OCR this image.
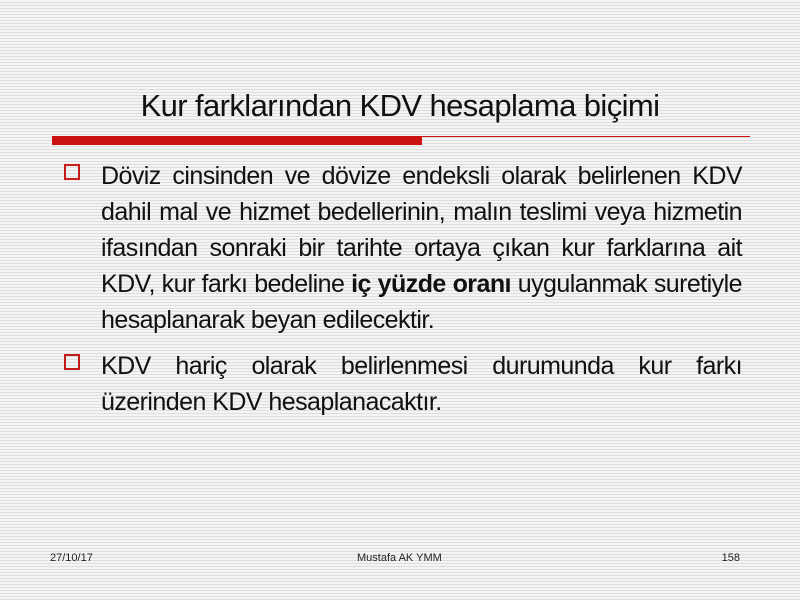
Kur farklarından KDV hesaplama biçimi
Döviz cinsinden ve dövize endeksli olarak belirlenen KDV dahil mal ve hizmet bedellerinin, malın teslimi veya hizmetin ifasından sonraki bir tarihte ortaya çıkan kur farklarına ait KDV, kur farkı bedeline iç yüzde oranı uygulanmak suretiyle hesaplanarak beyan edilecektir.
KDV hariç olarak belirlenmesi durumunda kur farkı üzerinden KDV hesaplanacaktır.
27/10/17	Mustafa AK YMM	158
